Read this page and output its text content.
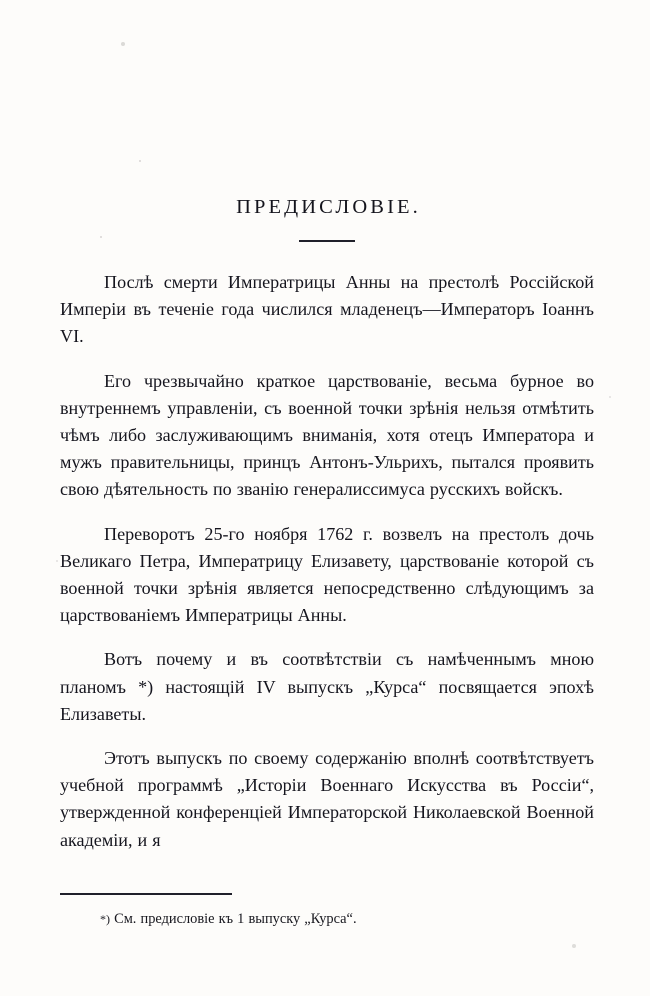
ПРЕДИСЛОВІЕ.

Послѣ смерти Императрицы Анны на престолѣ Россійской Имперіи въ теченіе года числился младенецъ—Императоръ Іоаннъ VI.

Его чрезвычайно краткое царствованіе, весьма бурное во внутреннемъ управленіи, съ военной точки зрѣнія нельзя отмѣтить чѣмъ либо заслуживающимъ вниманія, хотя отецъ Императора и мужъ правительницы, принцъ Антонъ-Ульрихъ, пытался проявить свою дѣятельность по званію генералиссимуса русскихъ войскъ.

Переворотъ 25-го ноября 1762 г. возвелъ на престолъ дочь Великаго Петра, Императрицу Елизавету, царствованіе которой съ военной точки зрѣнія является непосредственно слѣдующимъ за царствованіемъ Императрицы Анны.

Вотъ почему и въ соотвѣтствіи съ намѣченнымъ мною планомъ *) настоящій IV выпускъ „Курса“ посвящается эпохѣ Елизаветы.

Этотъ выпускъ по своему содержанію вполнѣ соотвѣтствуетъ учебной программѣ „Исторіи Военнаго Искусства въ Россіи“, утвержденной конференціей Императорской Николаевской Военной академіи, и я

*) См. предисловіе къ 1 выпуску „Курса“.
